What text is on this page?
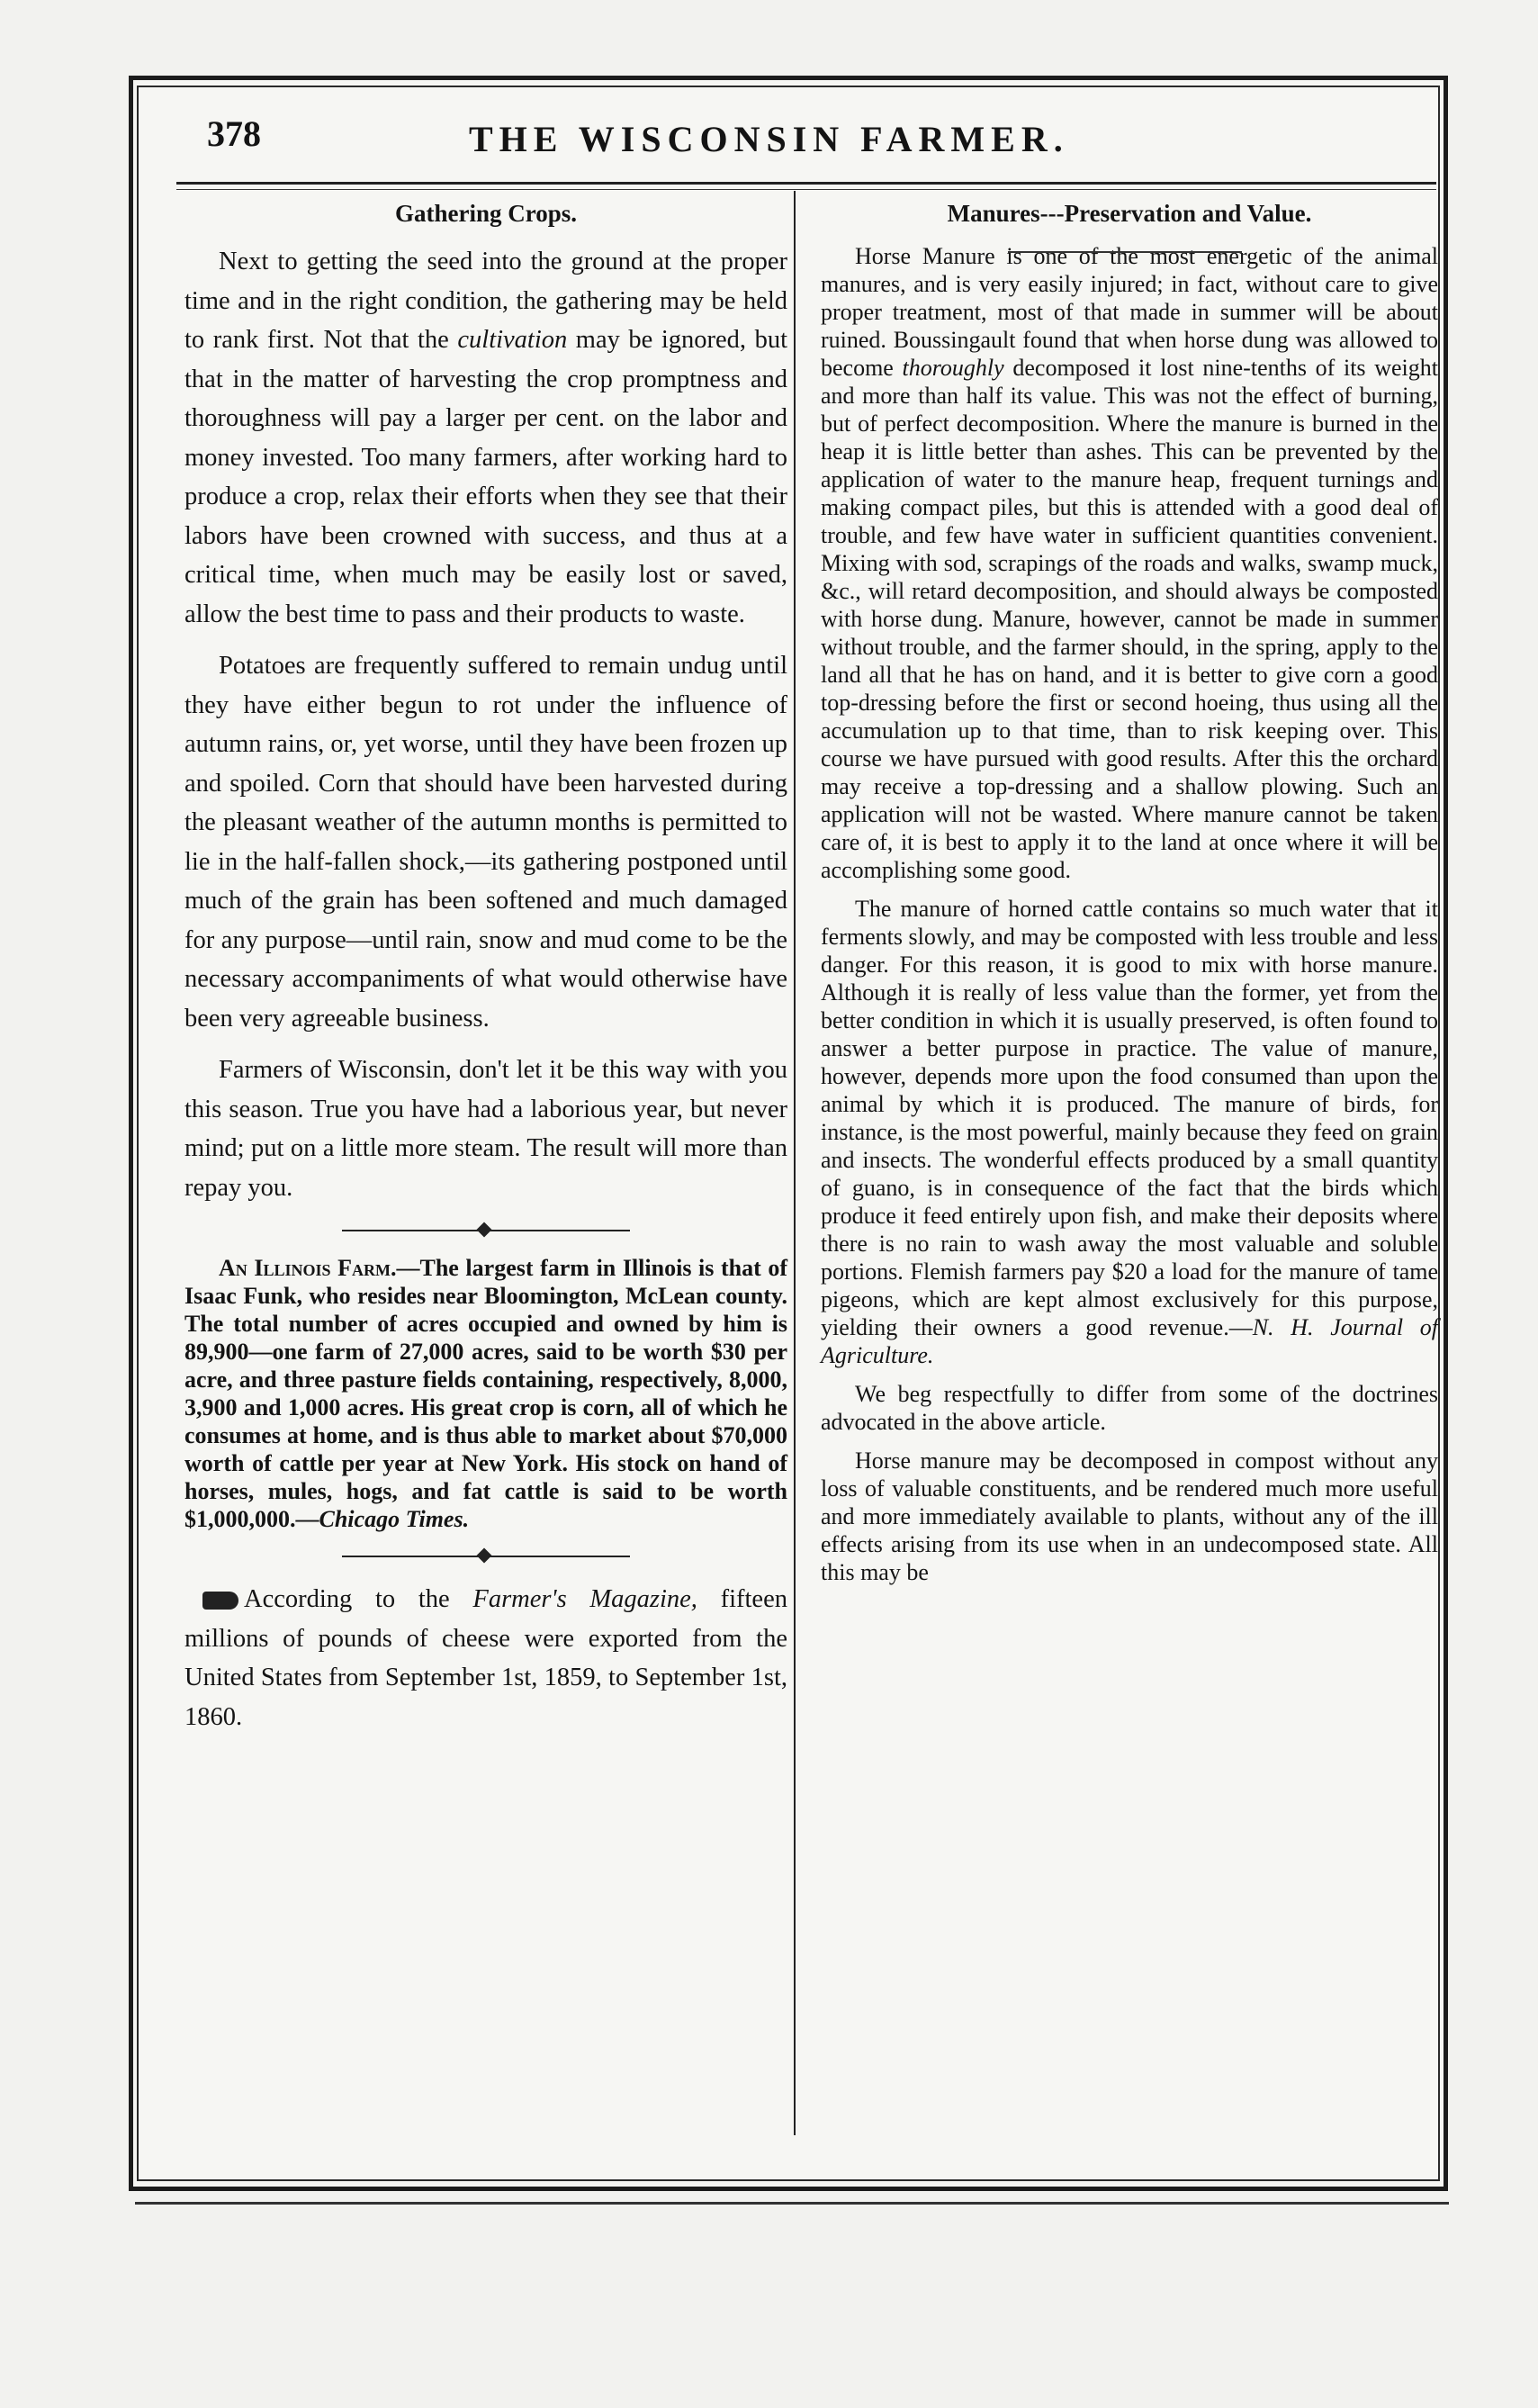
378	THE WISCONSIN FARMER.
Gathering Crops.

Next to getting the seed into the ground at the proper time and in the right condition, the gathering may be held to rank first. Not that the cultivation may be ignored, but that in the matter of harvesting the crop promptness and thoroughness will pay a larger per cent. on the labor and money invested. Too many farmers, after working hard to produce a crop, relax their efforts when they see that their labors have been crowned with success, and thus at a critical time, when much may be easily lost or saved, allow the best time to pass and their products to waste.

Potatoes are frequently suffered to remain undug until they have either begun to rot under the influence of autumn rains, or, yet worse, until they have been frozen up and spoiled. Corn that should have been harvested during the pleasant weather of the autumn months is permitted to lie in the half-fallen shock,—its gathering postponed until much of the grain has been softened and much damaged for any purpose—until rain, snow and mud come to be the necessary accompaniments of what would otherwise have been very agreeable business.

Farmers of Wisconsin, don't let it be this way with you this season. True you have had a laborious year, but never mind; put on a little more steam. The result will more than repay you.

An Illinois Farm.—The largest farm in Illinois is that of Isaac Funk, who resides near Bloomington, McLean county. The total number of acres occupied and owned by him is 89,900—one farm of 27,000 acres, said to be worth $30 per acre, and three pasture fields containing, respectively, 8,000, 3,900 and 1,000 acres. His great crop is corn, all of which he consumes at home, and is thus able to market about $70,000 worth of cattle per year at New York. His stock on hand of horses, mules, hogs, and fat cattle is said to be worth $1,000,000.—Chicago Times.

According to the Farmer's Magazine, fifteen millions of pounds of cheese were exported from the United States from September 1st, 1859, to September 1st, 1860.

Manures---Preservation and Value.

Horse Manure is one of the most energetic of the animal manures, and is very easily injured; in fact, without care to give proper treatment, most of that made in summer will be about ruined. Boussingault found that when horse dung was allowed to become thoroughly decomposed it lost nine-tenths of its weight and more than half its value. This was not the effect of burning, but of perfect decomposition. Where the manure is burned in the heap it is little better than ashes. This can be prevented by the application of water to the manure heap, frequent turnings and making compact piles, but this is attended with a good deal of trouble, and few have water in sufficient quantities convenient. Mixing with sod, scrapings of the roads and walks, swamp muck, &c., will retard decomposition, and should always be composted with horse dung. Manure, however, cannot be made in summer without trouble, and the farmer should, in the spring, apply to the land all that he has on hand, and it is better to give corn a good top-dressing before the first or second hoeing, thus using all the accumulation up to that time, than to risk keeping over. This course we have pursued with good results. After this the orchard may receive a top-dressing and a shallow plowing. Such an application will not be wasted. Where manure cannot be taken care of, it is best to apply it to the land at once where it will be accomplishing some good.

The manure of horned cattle contains so much water that it ferments slowly, and may be composted with less trouble and less danger. For this reason, it is good to mix with horse manure. Although it is really of less value than the former, yet from the better condition in which it is usually preserved, is often found to answer a better purpose in practice. The value of manure, however, depends more upon the food consumed than upon the animal by which it is produced. The manure of birds, for instance, is the most powerful, mainly because they feed on grain and insects. The wonderful effects produced by a small quantity of guano, is in consequence of the fact that the birds which produce it feed entirely upon fish, and make their deposits where there is no rain to wash away the most valuable and soluble portions. Flemish farmers pay $20 a load for the manure of tame pigeons, which are kept almost exclusively for this purpose, yielding their owners a good revenue.—N. H. Journal of Agriculture.

We beg respectfully to differ from some of the doctrines advocated in the above article.

Horse manure may be decomposed in compost without any loss of valuable constituents, and be rendered much more useful and more immediately available to plants, without any of the ill effects arising from its use when in an undecomposed state. All this may be
